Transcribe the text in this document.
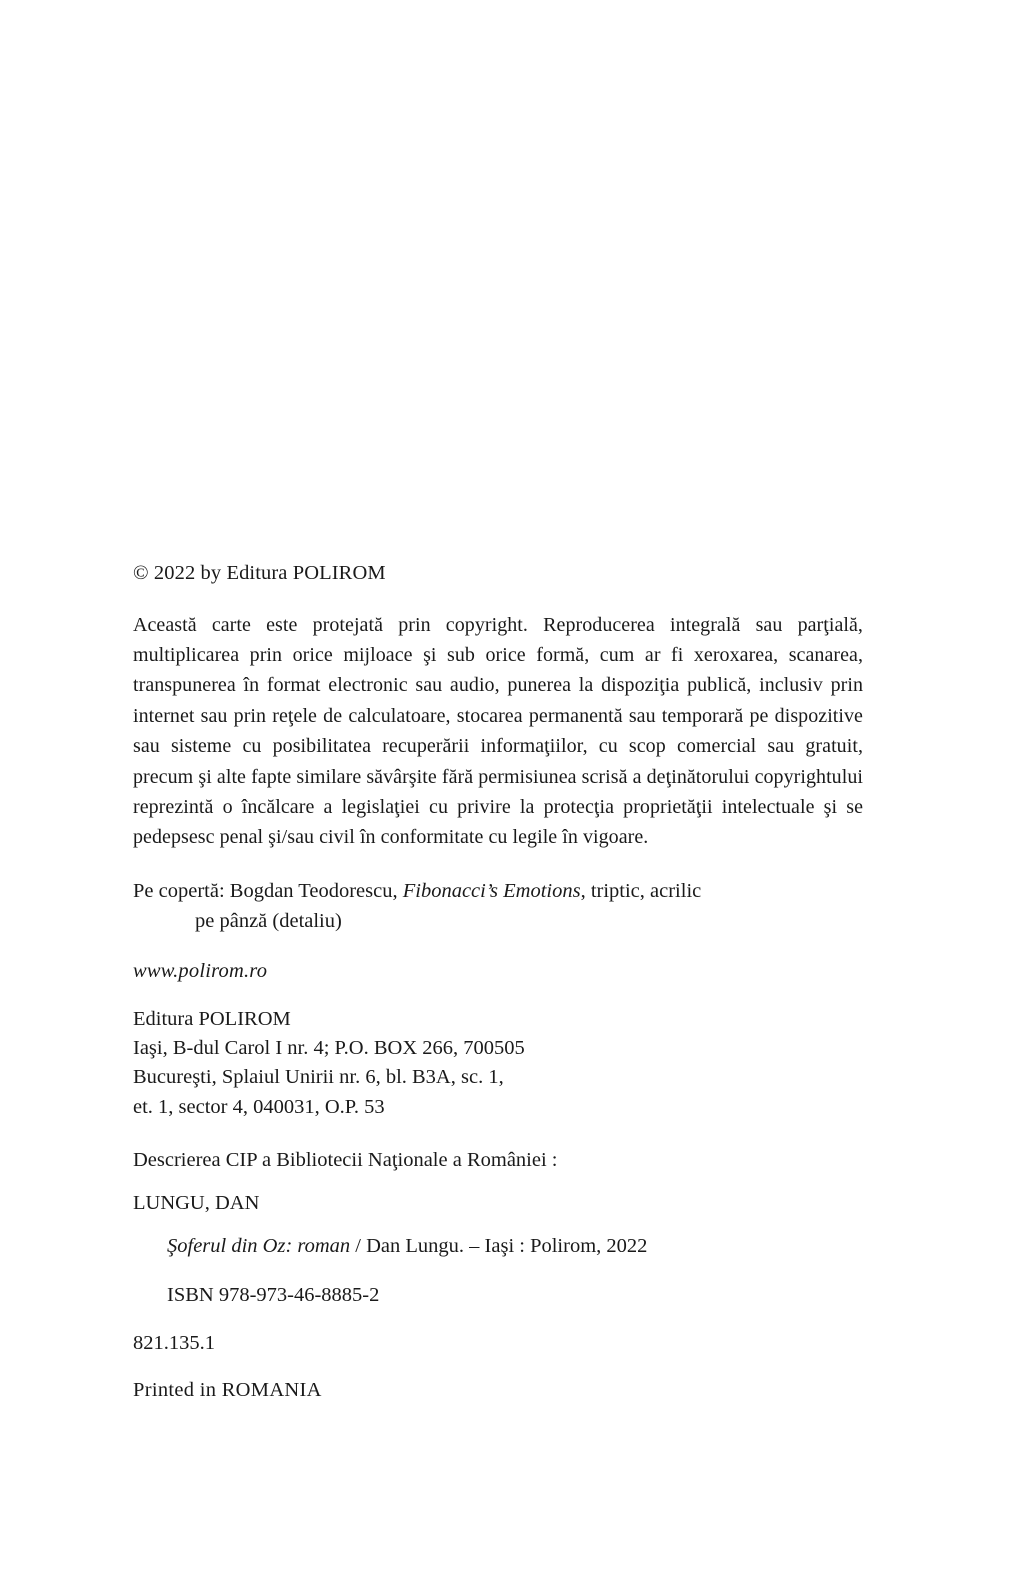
© 2022 by Editura POLIROM
Această carte este protejată prin copyright. Reproducerea integrală sau parţială, multiplicarea prin orice mijloace şi sub orice formă, cum ar fi xeroxarea, scanarea, transpunerea în format electronic sau audio, punerea la dispoziţia publică, inclusiv prin internet sau prin reţele de calculatoare, stocarea permanentă sau temporară pe dispozitive sau sisteme cu posibilitatea recuperării informaţiilor, cu scop comercial sau gratuit, precum şi alte fapte similare săvârşite fără permisiunea scrisă a deţinătorului copyrightului reprezintă o încălcare a legislaţiei cu privire la protecţia proprietăţii intelectuale şi se pedepsesc penal şi/sau civil în conformitate cu legile în vigoare.
Pe copertă: Bogdan Teodorescu, Fibonacci’s Emotions, triptic, acrilic
pe pânză (detaliu)
www.polirom.ro
Editura POLIROM
Iaşi, B-dul Carol I nr. 4; P.O. BOX 266, 700505
Bucureşti, Splaiul Unirii nr. 6, bl. B3A, sc. 1,
et. 1, sector 4, 040031, O.P. 53
Descrierea CIP a Bibliotecii Naţionale a României :
LUNGU, DAN
Şoferul din Oz: roman / Dan Lungu. – Iaşi : Polirom, 2022
ISBN 978-973-46-8885-2
821.135.1
Printed in ROMANIA
